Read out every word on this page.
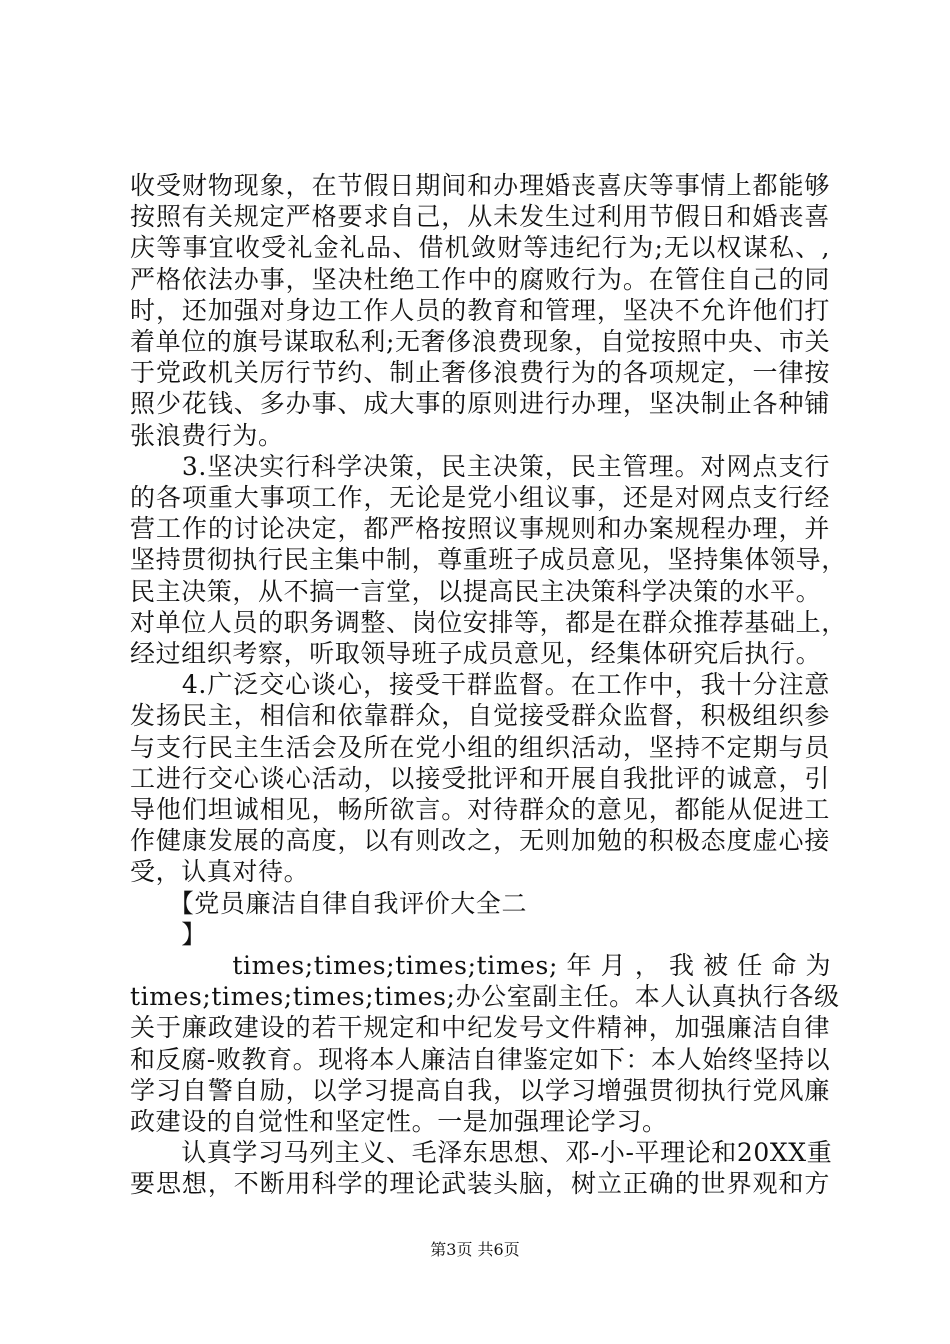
收受财物现象，在节假日期间和办理婚丧喜庆等事情上都能够
按照有关规定严格要求自己，从未发生过利用节假日和婚丧喜
庆等事宜收受礼金礼品、借机敛财等违纪行为;无以权谋私、,
严格依法办事，坚决杜绝工作中的腐败行为。在管住自己的同
时，还加强对身边工作人员的教育和管理，坚决不允许他们打
着单位的旗号谋取私利;无奢侈浪费现象，自觉按照中央、市关
于党政机关厉行节约、制止奢侈浪费行为的各项规定，一律按
照少花钱、多办事、成大事的原则进行办理，坚决制止各种铺
张浪费行为。
　　3.坚决实行科学决策，民主决策，民主管理。对网点支行
的各项重大事项工作，无论是党小组议事，还是对网点支行经
营工作的讨论决定，都严格按照议事规则和办案规程办理，并
坚持贯彻执行民主集中制，尊重班子成员意见，坚持集体领导，
民主决策，从不搞一言堂，以提高民主决策科学决策的水平。
对单位人员的职务调整、岗位安排等，都是在群众推荐基础上，
经过组织考察，听取领导班子成员意见，经集体研究后执行。
　　4.广泛交心谈心，接受干群监督。在工作中，我十分注意
发扬民主，相信和依靠群众，自觉接受群众监督，积极组织参
与支行民主生活会及所在党小组的组织活动，坚持不定期与员
工进行交心谈心活动，以接受批评和开展自我批评的诚意，引
导他们坦诚相见，畅所欲言。对待群众的意见，都能从促进工
作健康发展的高度，以有则改之，无则加勉的积极态度虚心接
受，认真对待。
　　【党员廉洁自律自我评价大全二
　　】
　　　　times;times;times;times; 年 月 ， 我 被 任 命 为
times;times;times;times;办公室副主任。本人认真执行各级
关于廉政建设的若干规定和中纪发号文件精神，加强廉洁自律
和反腐-败教育。现将本人廉洁自律鉴定如下：本人始终坚持以
学习自警自励，以学习提高自我，以学习增强贯彻执行党风廉
政建设的自觉性和坚定性。一是加强理论学习。
　　认真学习马列主义、毛泽东思想、邓-小-平理论和20XX重
要思想，不断用科学的理论武装头脑，树立正确的世界观和方
第3页 共6页
